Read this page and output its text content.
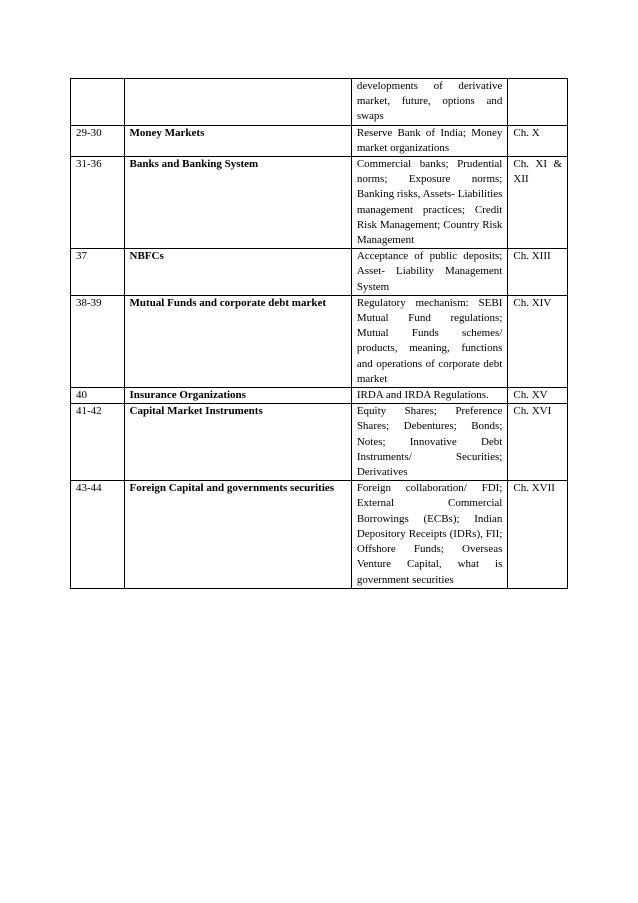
		developments of derivative market, future, options and swaps	
29-30	Money Markets	Reserve Bank of India; Money market organizations	Ch. X
31-36	Banks and Banking System	Commercial banks; Prudential norms; Exposure norms; Banking risks, Assets- Liabilities management practices; Credit Risk Management; Country Risk Management	Ch. XI & XII
37	NBFCs	Acceptance of public deposits; Asset- Liability Management System	Ch. XIII
38-39	Mutual Funds and corporate debt market	Regulatory mechanism: SEBI Mutual Fund regulations; Mutual Funds schemes/ products, meaning, functions and operations of corporate debt market	Ch. XIV
40	Insurance Organizations	IRDA and IRDA Regulations.	Ch. XV
41-42	Capital Market Instruments	Equity Shares; Preference Shares; Debentures; Bonds; Notes; Innovative Debt Instruments/ Securities; Derivatives	Ch. XVI
43-44	Foreign Capital and governments securities	Foreign collaboration/ FDI; External Commercial Borrowings (ECBs); Indian Depository Receipts (IDRs), FII; Offshore Funds; Overseas Venture Capital, what is government securities	Ch. XVII
